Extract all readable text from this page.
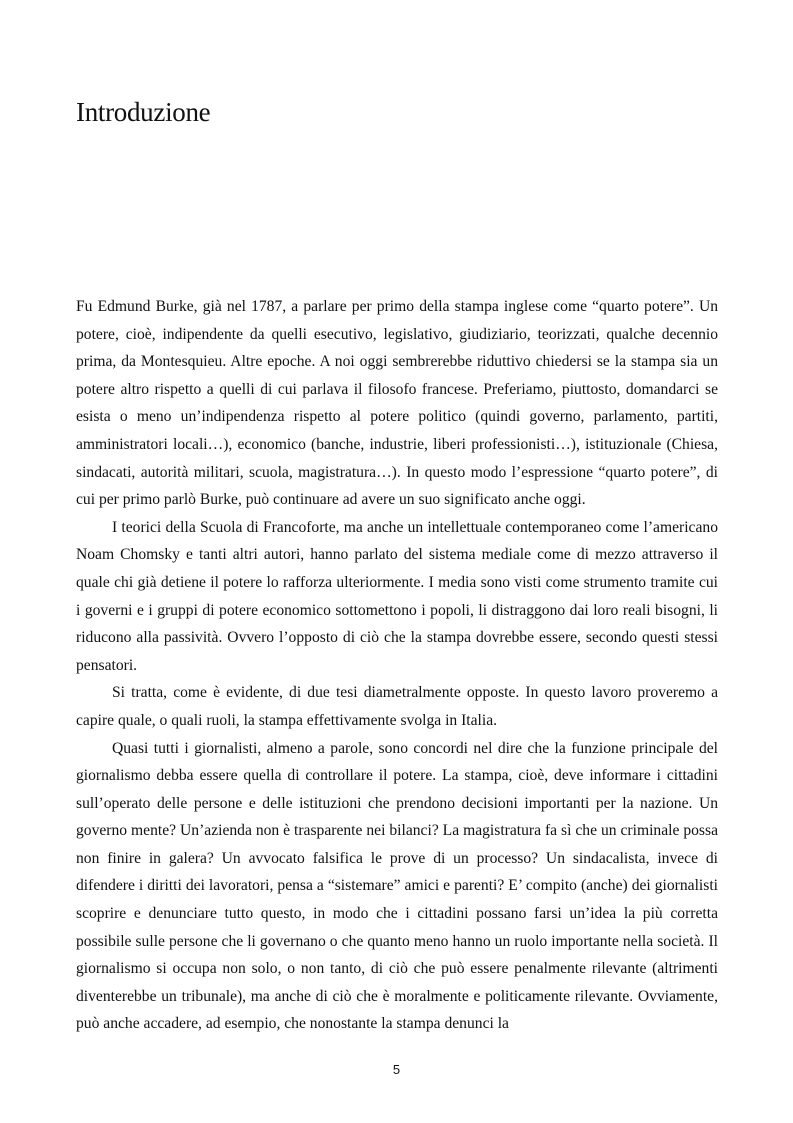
Introduzione

Fu Edmund Burke, già nel 1787, a parlare per primo della stampa inglese come “quarto potere”. Un potere, cioè, indipendente da quelli esecutivo, legislativo, giudiziario, teorizzati, qualche decennio prima, da Montesquieu. Altre epoche. A noi oggi sembrerebbe riduttivo chiedersi se la stampa sia un potere altro rispetto a quelli di cui parlava il filosofo francese. Preferiamo, piuttosto, domandarci se esista o meno un’indipendenza rispetto al potere politico (quindi governo, parlamento, partiti, amministratori locali…), economico (banche, industrie, liberi professionisti…), istituzionale (Chiesa, sindacati, autorità militari, scuola, magistratura…). In questo modo l’espressione “quarto potere”, di cui per primo parlò Burke, può continuare ad avere un suo significato anche oggi.

I teorici della Scuola di Francoforte, ma anche un intellettuale contemporaneo come l’americano Noam Chomsky e tanti altri autori, hanno parlato del sistema mediale come di mezzo attraverso il quale chi già detiene il potere lo rafforza ulteriormente. I media sono visti come strumento tramite cui i governi e i gruppi di potere economico sottomettono i popoli, li distraggono dai loro reali bisogni, li riducono alla passività. Ovvero l’opposto di ciò che la stampa dovrebbe essere, secondo questi stessi pensatori.

Si tratta, come è evidente, di due tesi diametralmente opposte. In questo lavoro proveremo a capire quale, o quali ruoli, la stampa effettivamente svolga in Italia.

Quasi tutti i giornalisti, almeno a parole, sono concordi nel dire che la funzione principale del giornalismo debba essere quella di controllare il potere. La stampa, cioè, deve informare i cittadini sull’operato delle persone e delle istituzioni che prendono decisioni importanti per la nazione. Un governo mente? Un’azienda non è trasparente nei bilanci? La magistratura fa sì che un criminale possa non finire in galera? Un avvocato falsifica le prove di un processo? Un sindacalista, invece di difendere i diritti dei lavoratori, pensa a “sistemare” amici e parenti? E’ compito (anche) dei giornalisti scoprire e denunciare tutto questo, in modo che i cittadini possano farsi un’idea la più corretta possibile sulle persone che li governano o che quanto meno hanno un ruolo importante nella società. Il giornalismo si occupa non solo, o non tanto, di ciò che può essere penalmente rilevante (altrimenti diventerebbe un tribunale), ma anche di ciò che è moralmente e politicamente rilevante. Ovviamente, può anche accadere, ad esempio, che nonostante la stampa denunci la

5
